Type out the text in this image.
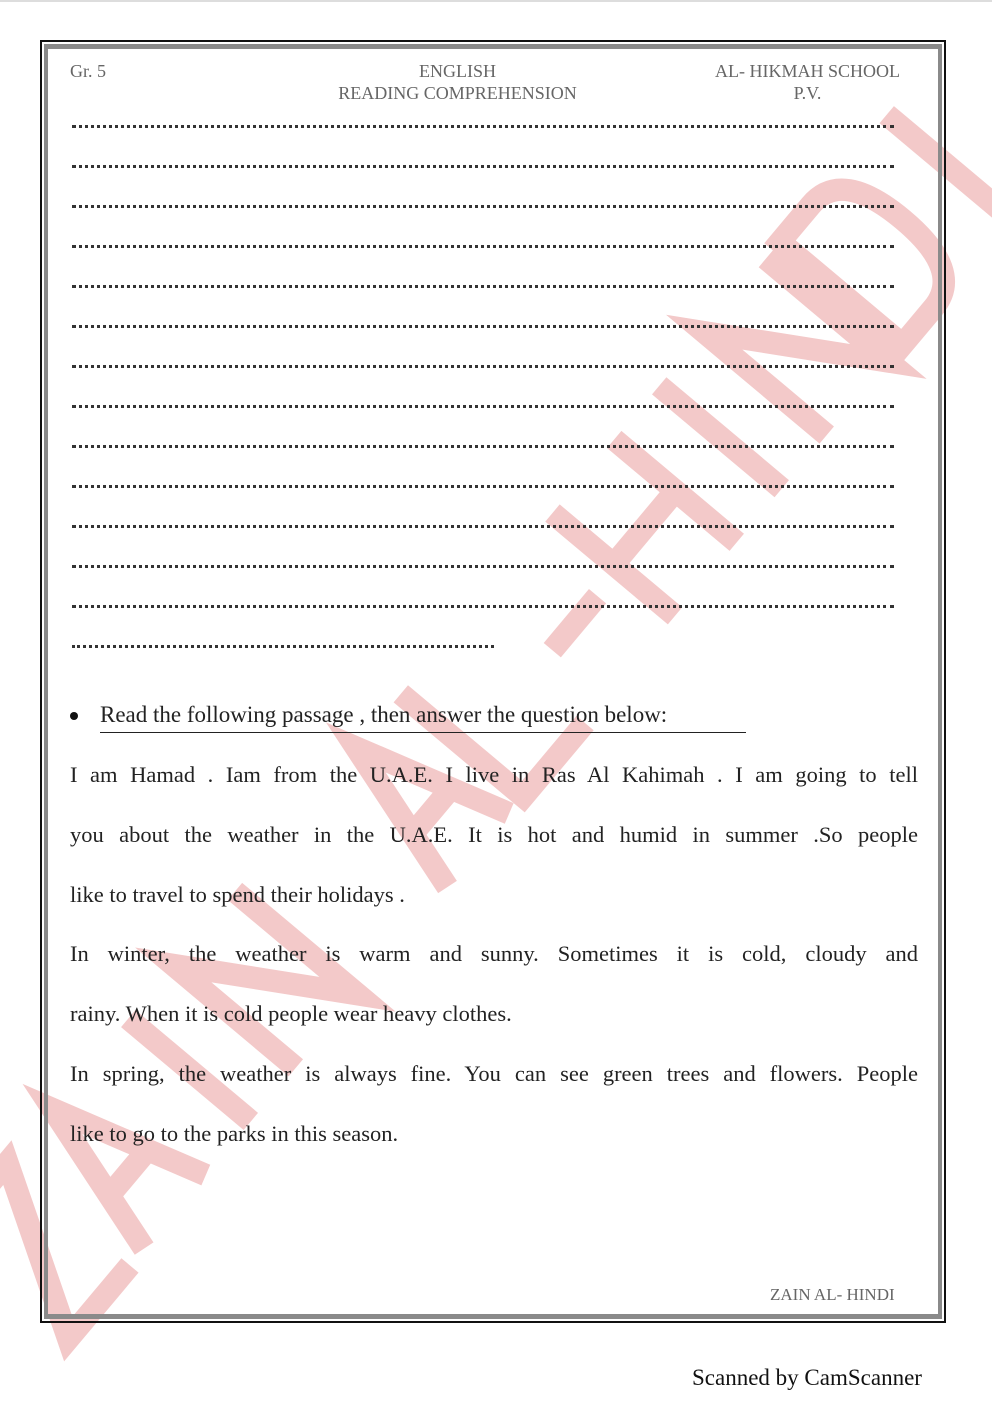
Gr. 5	ENGLISH
READING COMPREHENSION
AL- HIKMAH SCHOOL
P.V.
Read the following passage , then answer the question below:
I am Hamad . Iam from the U.A.E. I live in Ras Al Kahimah . I am going to tell
you about the weather in the U.A.E. It is hot and humid in summer .So people
like to travel to spend their holidays .
In winter, the weather is warm and sunny. Sometimes it is cold, cloudy and
rainy. When it is cold people wear heavy clothes.
In spring, the weather is always fine. You can see green trees and flowers. People
like to go to the parks in this season.
ZAIN AL- HINDI
Scanned by CamScanner
